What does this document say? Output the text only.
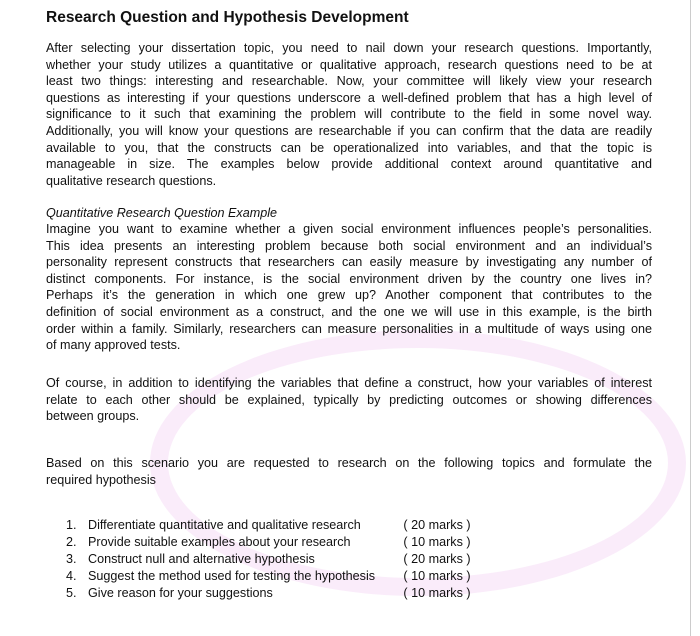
Research Question and Hypothesis Development
After selecting your dissertation topic, you need to nail down your research questions. Importantly,
whether your study utilizes a quantitative or qualitative approach, research questions need to be at
least two things: interesting and researchable. Now, your committee will likely view your research
questions as interesting if your questions underscore a well-defined problem that has a high level of
significance to it such that examining the problem will contribute to the field in some novel way.
Additionally, you will know your questions are researchable if you can confirm that the data are readily
available to you, that the constructs can be operationalized into variables, and that the topic is
manageable in size. The examples below provide additional context around quantitative and
qualitative research questions.
Quantitative Research Question Example
Imagine you want to examine whether a given social environment influences people’s personalities.
This idea presents an interesting problem because both social environment and an individual’s
personality represent constructs that researchers can easily measure by investigating any number of
distinct components. For instance, is the social environment driven by the country one lives in?
Perhaps it’s the generation in which one grew up? Another component that contributes to the
definition of social environment as a construct, and the one we will use in this example, is the birth
order within a family. Similarly, researchers can measure personalities in a multitude of ways using one
of many approved tests.
Of course, in addition to identifying the variables that define a construct, how your variables of interest
relate to each other should be explained, typically by predicting outcomes or showing differences
between groups.
Based on this scenario you are requested to research on the following topics and formulate the
required hypothesis
1. Differentiate quantitative and qualitative research	( 20 marks )
2. Provide suitable examples about your research	( 10 marks )
3. Construct null and alternative hypothesis	( 20 marks )
4. Suggest the method used for testing the hypothesis	( 10 marks )
5. Give reason for your suggestions	( 10 marks )
